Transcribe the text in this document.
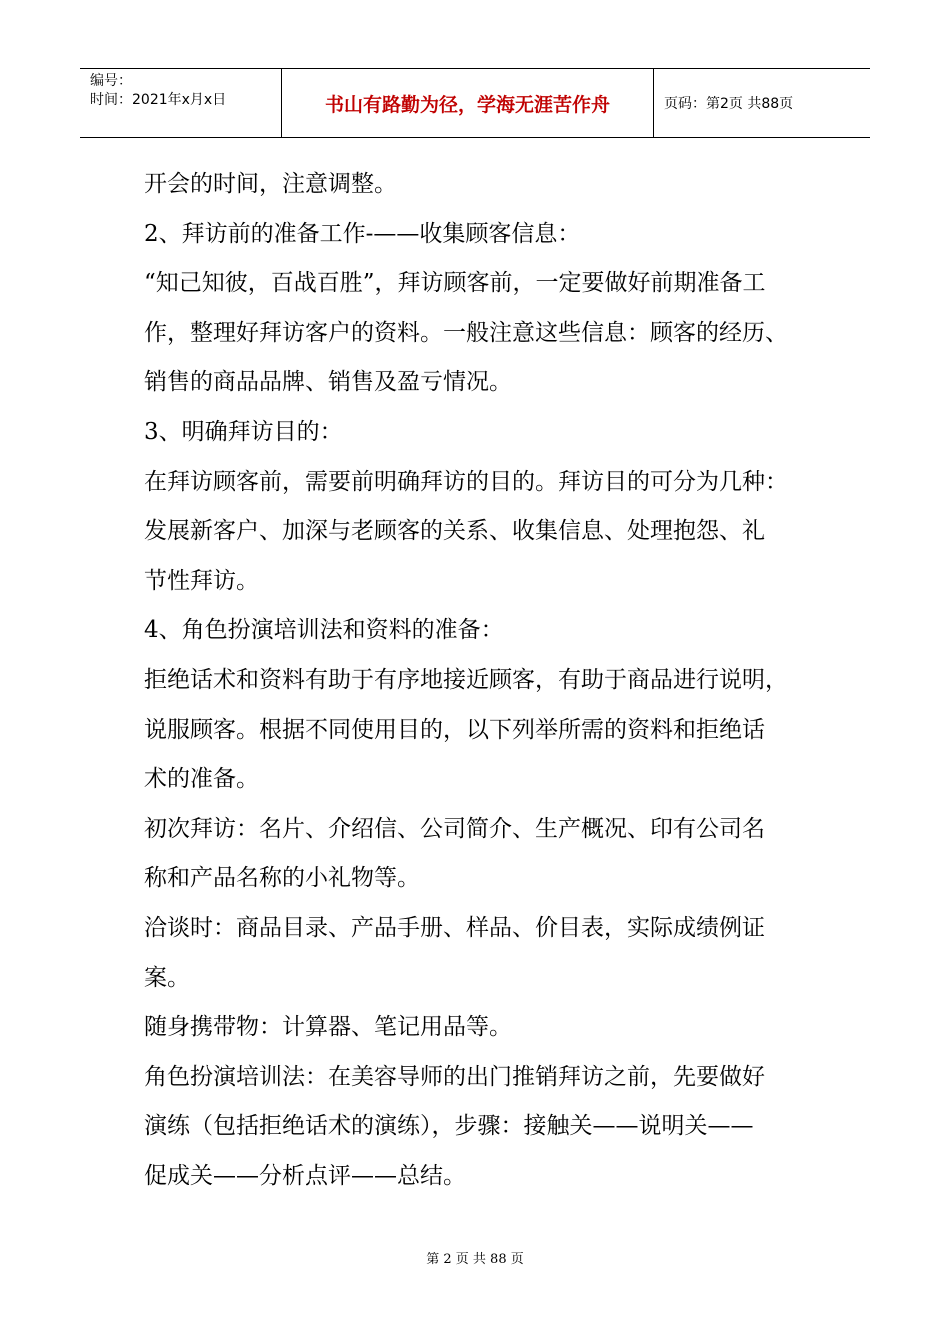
编号：
时间：2021年x月x日	书山有路勤为径，学海无涯苦作舟	页码：第2页 共88页
开会的时间，注意调整。
2、拜访前的准备工作-——收集顾客信息：
“知己知彼，百战百胜”，拜访顾客前，一定要做好前期准备工
作，整理好拜访客户的资料。一般注意这些信息：顾客的经历、
销售的商品品牌、销售及盈亏情况。
3、明确拜访目的：
在拜访顾客前，需要前明确拜访的目的。拜访目的可分为几种：
发展新客户、加深与老顾客的关系、收集信息、处理抱怨、礼
节性拜访。
4、角色扮演培训法和资料的准备：
拒绝话术和资料有助于有序地接近顾客，有助于商品进行说明，
说服顾客。根据不同使用目的，以下列举所需的资料和拒绝话
术的准备。
初次拜访：名片、介绍信、公司简介、生产概况、印有公司名
称和产品名称的小礼物等。
洽谈时：商品目录、产品手册、样品、价目表，实际成绩例证
案。
随身携带物：计算器、笔记用品等。
角色扮演培训法：在美容导师的出门推销拜访之前，先要做好
演练（包括拒绝话术的演练），步骤：接触关——说明关——
促成关——分析点评——总结。
第 2 页 共 88 页
